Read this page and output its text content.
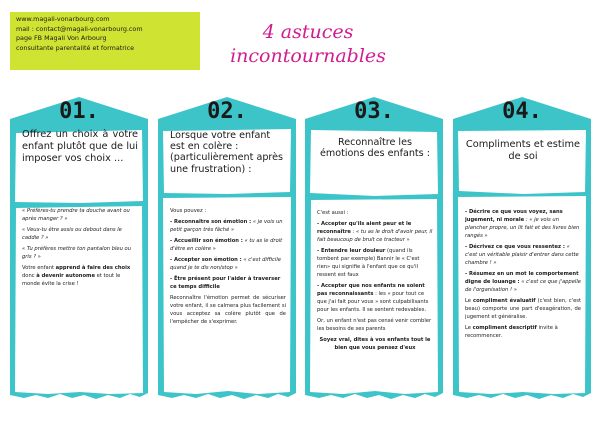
www.magali-vonarbourg.com
mail : contact@magali-vonarbourg.com
page FB Magali Von Arbourg
consultante parentalité et formatrice
4 astuces
incontournables
01.
Offrez un choix à votre enfant plutôt que de lui imposer vos choix ...

« Préfères-tu prendre ta douche avant ou après manger ? »

« Veux-tu être assis ou debout dans le caddie ? »

« Tu préfères mettre ton pantalon bleu ou gris ? »

Votre enfant apprend à faire des choix donc à devenir autonome et tout le monde évite la crise !

02.
Lorsque votre enfant est en colère : (particulièrement après une frustration) :

Vous pouvez :

- Reconnaître son émotion : « je vois un petit garçon très fâché »

- Accueillir son émotion : « tu as le droit d'être en colère »

- Accepter son émotion : « c'est difficile quand je te dis non/stop »

- Être présent pour l'aider à traverser ce temps difficile

Reconnaître l'émotion permet de sécuriser votre enfant, il se calmera plus facilement si vous acceptez sa colère plutôt que de l'empêcher de s'exprimer.

03.
Reconnaître les émotions des enfants :

C'est aussi :

- Accepter qu'ils aient peur et le reconnaître : « tu as le droit d'avoir peur, il fait beaucoup de bruit ce tracteur »

- Entendre leur douleur (quand ils tombent par exemple) Bannir le « C'est rien» qui signifie à l'enfant que ce qu'il ressent est faux

- Accepter que nos enfants ne soient pas reconnaissants : les « pour tout ce que j'ai fait pour vous » sont culpabilisants pour les enfants. Il se sentent redevables.

Or, un enfant n'est pas censé venir combler les besoins de ses parents

Soyez vrai, dites à vos enfants tout le bien que vous pensez d'eux

04.
Compliments et estime de soi

- Décrire ce que vous voyez, sans jugement, ni morale : « je vois un plancher propre, un lit fait et des livres bien rangés »

- Décrivez ce que vous ressentez : « c'est un véritable plaisir d'entrer dans cette chambre ! »

- Résumez en un mot le comportement digne de louange : « c'est ce que j'appelle de l'organisation ! »

Le compliment évaluatif (c'est bien, c'est beau) comporte une part d'exagération, de jugement et généralise.

Le compliment descriptif invite à recommencer.
